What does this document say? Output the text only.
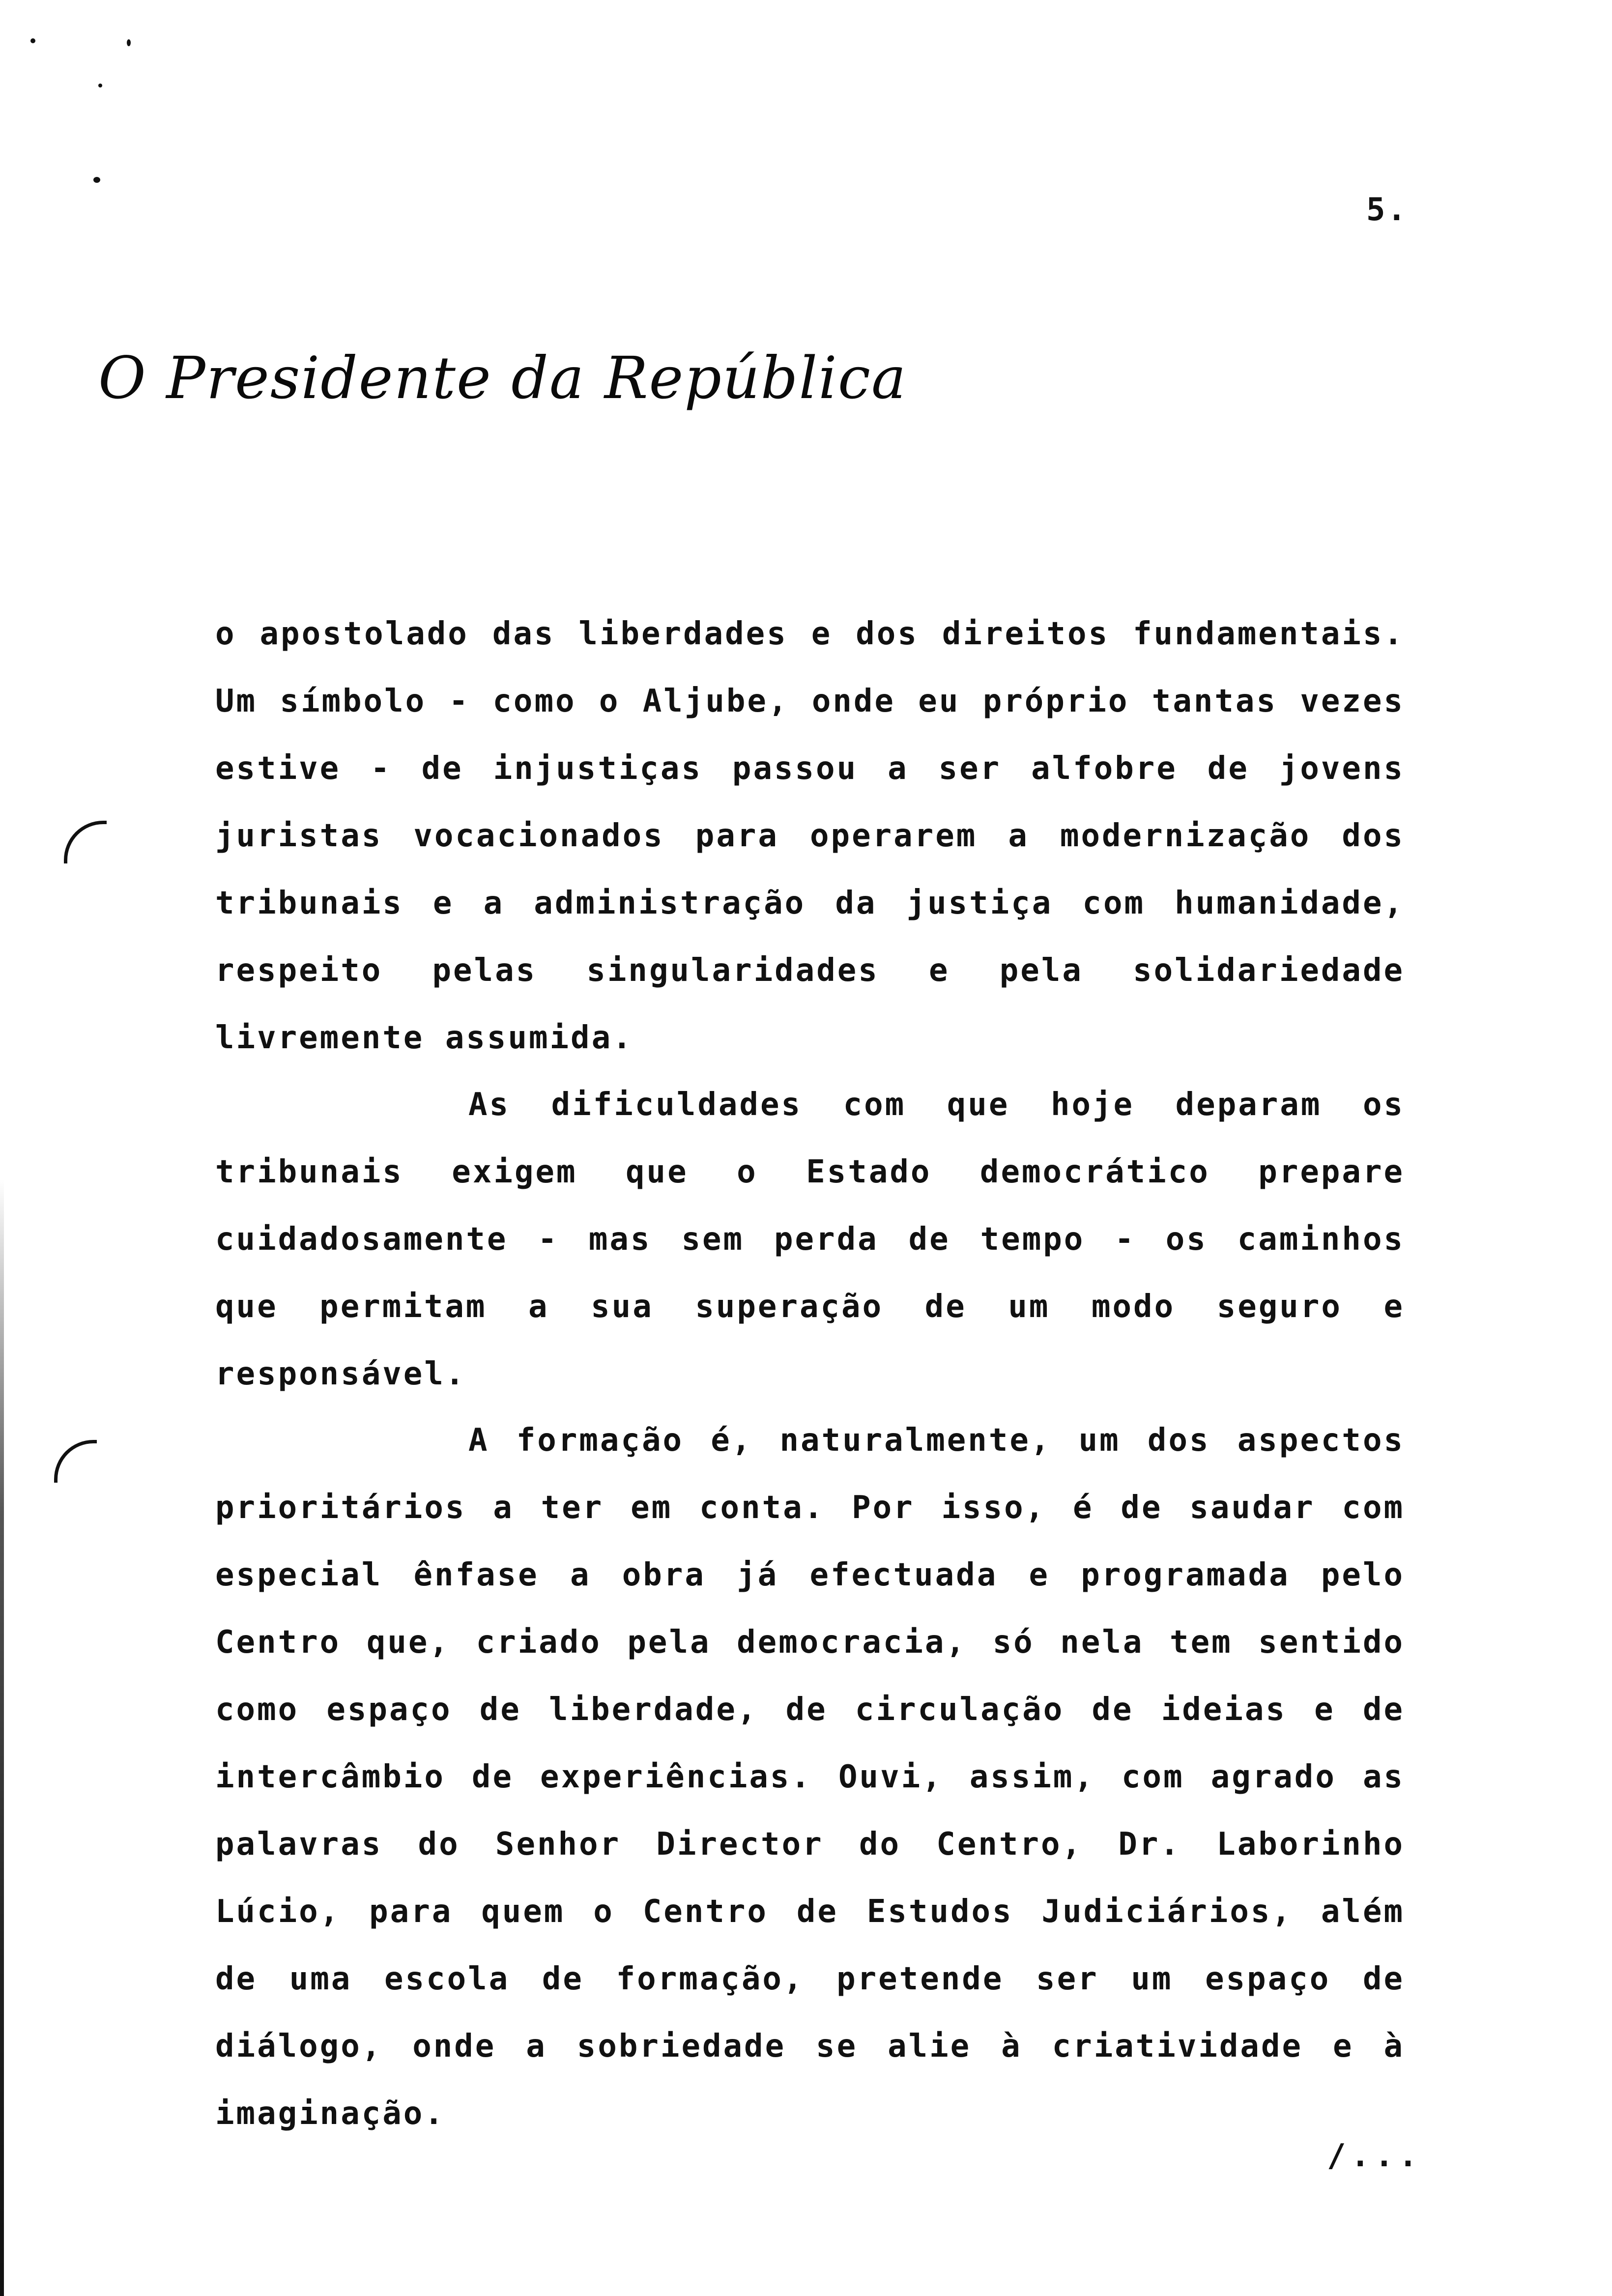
5.
O Presidente da República

o apostolado das liberdades e dos direitos fundamentais. Um símbolo - como o Aljube, onde eu próprio tantas vezes estive - de injustiças passou a ser alfobre de jovens juristas vocacionados para operarem a modernização dos tribunais e a administração da justiça com humanidade, respeito pelas singularidades e pela solidariedade livremente assumida.

As dificuldades com que hoje deparam os tribunais exigem que o Estado democrático prepare cuidadosamente - mas sem perda de tempo - os caminhos que permitam a sua superação de um modo seguro e responsável.

A formação é, naturalmente, um dos aspectos prioritários a ter em conta. Por isso, é de saudar com especial ênfase a obra já efectuada e programada pelo Centro que, criado pela democracia, só nela tem sentido como espaço de liberdade, de circulação de ideias e de intercâmbio de experiências. Ouvi, assim, com agrado as palavras do Senhor Director do Centro, Dr. Laborinho Lúcio, para quem o Centro de Estudos Judiciários, além de uma escola de formação, pretende ser um espaço de diálogo, onde a sobriedade se alie à criatividade e à imaginação.

/...
